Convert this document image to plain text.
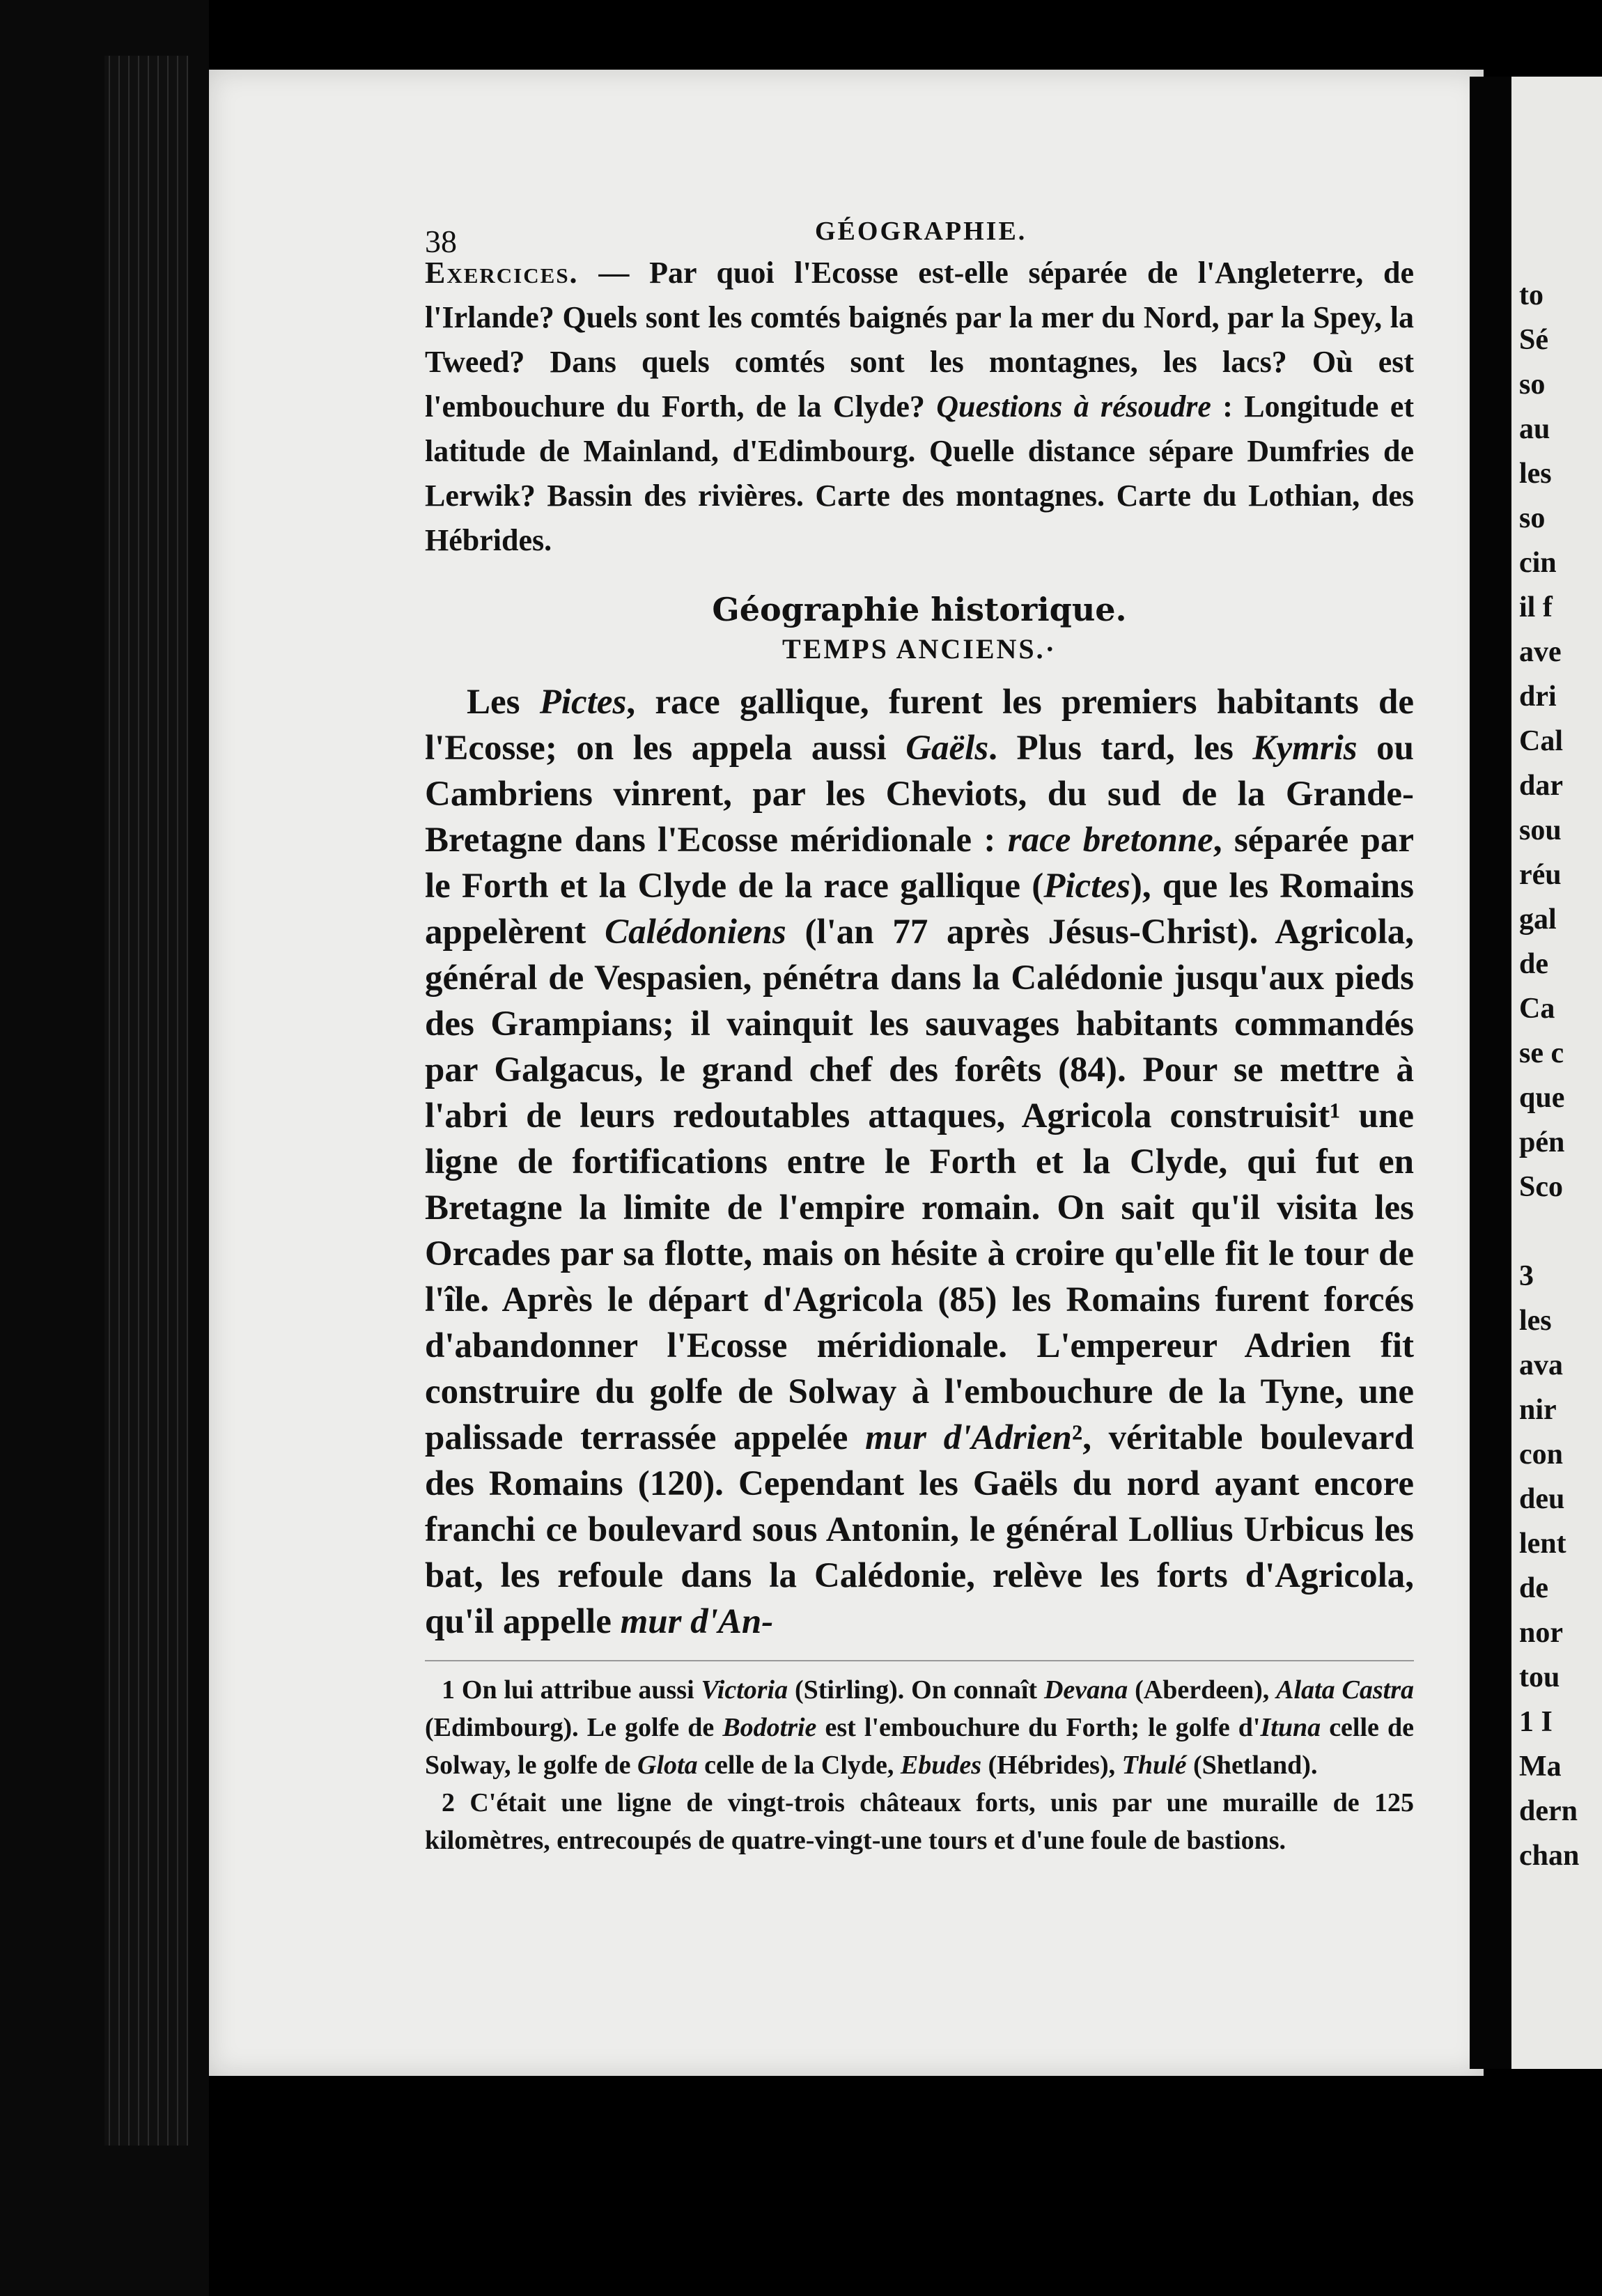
to
Sé
so
au
les
so
cin
il f
ave
dri
Cal
dar
sou
réu
gal
de
Ca
se c
que
pén
Sco
3
les
ava
nir
con
deu
lent
de
nor
tou
1 I
Ma
dern
chan
38	GÉOGRAPHIE.

Exercices. — Par quoi l'Ecosse est-elle séparée de l'Angleterre, de l'Irlande? Quels sont les comtés baignés par la mer du Nord, par la Spey, la Tweed? Dans quels comtés sont les montagnes, les lacs? Où est l'embouchure du Forth, de la Clyde? Questions à résoudre : Longitude et latitude de Mainland, d'Edimbourg. Quelle distance sépare Dumfries de Lerwik? Bassin des rivières. Carte des montagnes. Carte du Lothian, des Hébrides.

Géographie historique.
TEMPS ANCIENS.·

Les Pictes, race gallique, furent les premiers habitants de l'Ecosse; on les appela aussi Gaëls. Plus tard, les Kymris ou Cambriens vinrent, par les Cheviots, du sud de la Grande-Bretagne dans l'Ecosse méridionale : race bretonne, séparée par le Forth et la Clyde de la race gallique (Pictes), que les Romains appelèrent Calédoniens (l'an 77 après Jésus-Christ). Agricola, général de Vespasien, pénétra dans la Calédonie jusqu'aux pieds des Grampians; il vainquit les sauvages habitants commandés par Galgacus, le grand chef des forêts (84). Pour se mettre à l'abri de leurs redoutables attaques, Agricola construisit¹ une ligne de fortifications entre le Forth et la Clyde, qui fut en Bretagne la limite de l'empire romain. On sait qu'il visita les Orcades par sa flotte, mais on hésite à croire qu'elle fit le tour de l'île. Après le départ d'Agricola (85) les Romains furent forcés d'abandonner l'Ecosse méridionale. L'empereur Adrien fit construire du golfe de Solway à l'embouchure de la Tyne, une palissade terrassée appelée mur d'Adrien², véritable boulevard des Romains (120). Cependant les Gaëls du nord ayant encore franchi ce boulevard sous Antonin, le général Lollius Urbicus les bat, les refoule dans la Calédonie, relève les forts d'Agricola, qu'il appelle mur d'An-

1 On lui attribue aussi Victoria (Stirling). On connaît Devana (Aberdeen), Alata Castra (Edimbourg). Le golfe de Bodotrie est l'embouchure du Forth; le golfe d'Ituna celle de Solway, le golfe de Glota celle de la Clyde, Ebudes (Hébrides), Thulé (Shetland).

2 C'était une ligne de vingt-trois châteaux forts, unis par une muraille de 125 kilomètres, entrecoupés de quatre-vingt-une tours et d'une foule de bastions.
